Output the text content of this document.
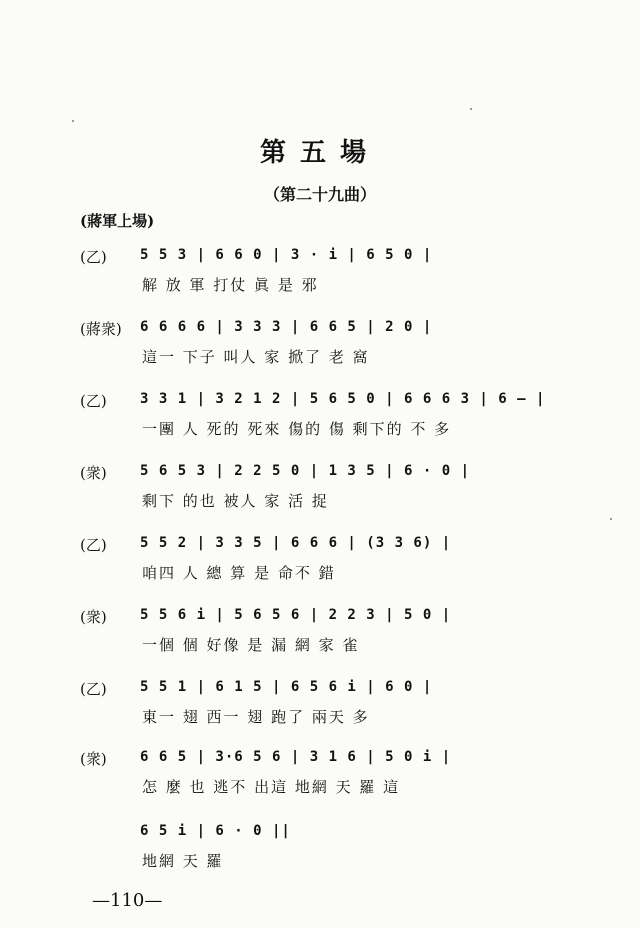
第五場
（第二十九曲）
(蔣軍上場)
(乙) 5 5 3 | 6 6 0 | 3 · i | 6 5 0 |
解 放 軍 打仗 眞 是 邪
(蔣衆) 6 6 6 6 | 3 3 3 | 6 6 5 | 2 0 |
這一 下子 叫人 家 掀了 老 窩
(乙) 3 3 1 | 3 2 1 2 | 5 6 5 0 | 6 6 6 3 | 6 — |
一團 人 死的 死來 傷的 傷 剩下的 不 多
(衆) 5 6 5 3 | 2 2 5 0 | 1 3 5 | 6 · 0 |
剩下 的也 被人 家 活 捉
(乙) 5 5 2 | 3 3 5 | 6 6 6 | (3 3 6) |
咱四 人 總 算 是 命不 錯
(衆) 5 5 6 i | 5 6 5 6 | 2 2 3 | 5 0 |
一個 個 好像 是 漏 網 家 雀
(乙) 5 5 1 | 6 1 5 | 6 5 6 i | 6 0 |
東一 翅 西一 翅 跑了 兩天 多
(衆) 6 6 5 | 3·6 5 6 | 3 1 6 | 5 0 i |
怎 麼 也 逃不 出這 地網 天 羅 這
6 5 i | 6 · 0 ||
地網 天 羅
—110—
